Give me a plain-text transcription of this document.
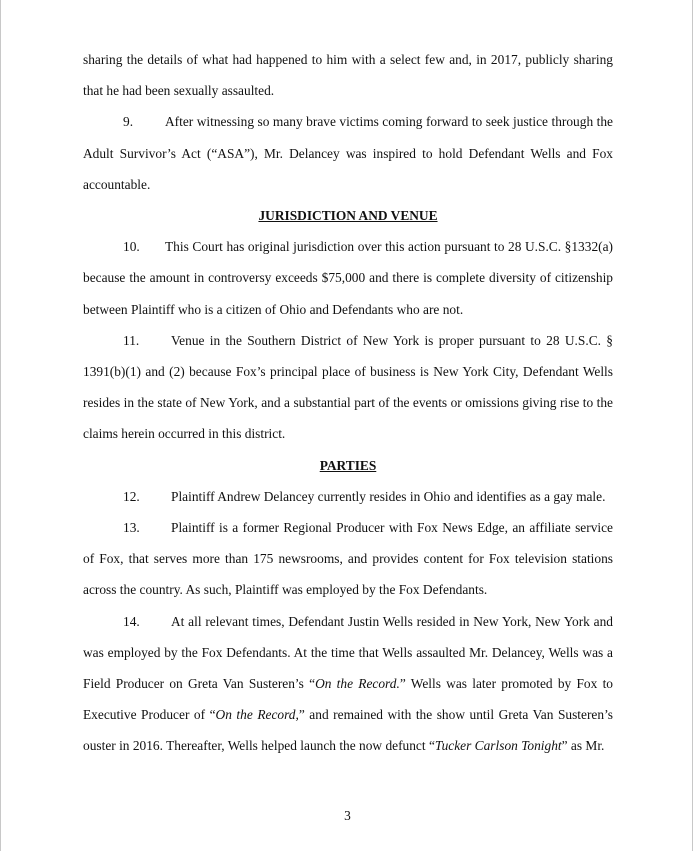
sharing the details of what had happened to him with a select few and, in 2017, publicly sharing that he had been sexually assaulted.

9. After witnessing so many brave victims coming forward to seek justice through the Adult Survivor’s Act (“ASA”), Mr. Delancey was inspired to hold Defendant Wells and Fox accountable.

JURISDICTION AND VENUE

10. This Court has original jurisdiction over this action pursuant to 28 U.S.C. §1332(a) because the amount in controversy exceeds $75,000 and there is complete diversity of citizenship between Plaintiff who is a citizen of Ohio and Defendants who are not.

11. Venue in the Southern District of New York is proper pursuant to 28 U.S.C. § 1391(b)(1) and (2) because Fox’s principal place of business is New York City, Defendant Wells resides in the state of New York, and a substantial part of the events or omissions giving rise to the claims herein occurred in this district.

PARTIES

12. Plaintiff Andrew Delancey currently resides in Ohio and identifies as a gay male.

13. Plaintiff is a former Regional Producer with Fox News Edge, an affiliate service of Fox, that serves more than 175 newsrooms, and provides content for Fox television stations across the country. As such, Plaintiff was employed by the Fox Defendants.

14. At all relevant times, Defendant Justin Wells resided in New York, New York and was employed by the Fox Defendants. At the time that Wells assaulted Mr. Delancey, Wells was a Field Producer on Greta Van Susteren’s “On the Record.” Wells was later promoted by Fox to Executive Producer of “On the Record,” and remained with the show until Greta Van Susteren’s ouster in 2016. Thereafter, Wells helped launch the now defunct “Tucker Carlson Tonight” as Mr.

3
